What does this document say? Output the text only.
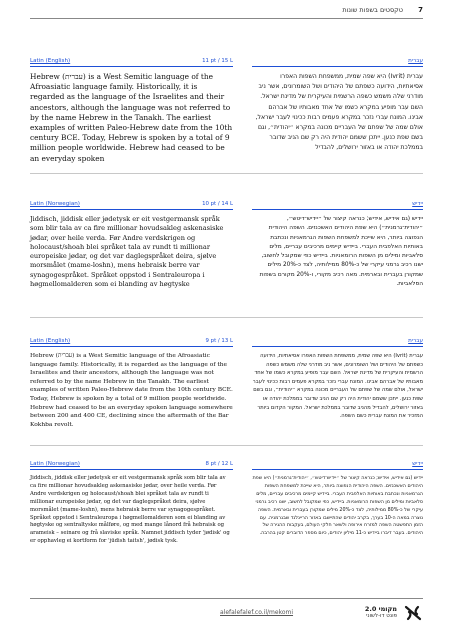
טקסטים בשפות שונות 7
Latin (English)	11 pt / 15 L
Hebrew (עברית) is a West Semitic language of the Afroasiatic language family. Historically, it is regarded as the language of the Israelites and their ancestors, although the language was not referred to by the name Hebrew in the Tanakh. The earliest examples of written Paleo-Hebrew date from the 10th century BCE. Today, Hebrew is spoken by a total of 9 million people worldwide. Hebrew had ceased to be an everyday spoken
עברית
עברית (Ivrit) היא שפה שמית, ממשפחת השפות האפרו אסיאתיות, הידועה כשפתם של היהודים ושל השומרונים, אשר ניב מודרני שלה משמש כשפה הרשמית והעיקרית של מדינת ישראל. השם עבר מופיע במקרא כשמו של אחד מאבותיו של אברהם אבינו. המונח עברי נזכר במקרא פעמים רבות ככינוי לעבר ישראל, אולם שמה של שפתם של העבריים מכונה במקרא ״יהודית״, וגם בשם שפת כנען. ייתכן ששמם יהודית היה רק שם הניב שדובר בממלכת יהודה או באזור ירושלים, להבדיל
Latin (Norwegian)	10 pt / 14 L
Jiddisch, jiddisk eller jødetysk er eit vestgermansk språk som blir tala av ca fire millionar hovudsakleg askenasiske jødar, over heile verda. Før Andre verdskrigen og holocaust/shoah blei språket tala av rundt ti millionar europeiske jødar, og det var daglegspråket deira, sjølve morsmålet (mame-loshn), mens hebraisk berre var synagogespråket. Språket oppstod i Sentraleuropa i høgmellomalderen som ei blanding av høgtyske
יידיש
יידיש (גם אידיש, אידיש; כנראה קיצור של ״יידיש־דיטש״, ״יהודית־גרמנית״) היא שפת היהודים האשכנזים. השפה היהודית הנפוצה ביותר, היא שייכת למשפחת השפות הגרמאניות ונכתבת באותיות האלפבית העברי. ביידיש קיימים מרכיבים עבריים, מלים סלאביות ומילים מן השפות הרומאניות. ביידיש כפי שמקובל לחשוב, ישנו רכיב גרמני עיקרי של כ-80% ממילותיה, לצד כ-20% מילים שמקורן בעברית ובארמית. מאה רכיב מקורי, ו-20% מקורם בשפות הסלאביות.
Latin (English)	9 pt / 13 L
Hebrew (עברית) is a West Semitic language of the Afroasiatic language family. Historically, it is regarded as the language of the Israelites and their ancestors, although the language was not referred to by the name Hebrew in the Tanakh. The earliest examples of written Paleo-Hebrew date from the 10th century BCE. Today, Hebrew is spoken by a total of 9 million people worldwide. Hebrew had ceased to be an everyday spoken language somewhere between 200 and 400 CE, declining since the aftermath of the Bar Kokhba revolt.
עברית
עברית (Ivrit) היא שפה שמית, ממשפחת השפות האפרו אסיאתיות, הידועה כשפתם של היהודים ושל השומרונים, אשר ניב מודרני שלה משמש כשפה הרשמית והעיקרית של מדינת ישראל. השם עבר מופיע במקרא כשמו של אחד מאבותיו של אברהם אבינו. המונח עברי נזכר במקרא פעמים רבות ככינוי לעבר ישראל, אולם שמה של שפתם של העבריים מכונה במקרא ״יהודית״, וגם בשם שפת כנען. ייתכן ששמם יהודית היה רק שם הניב שדובר בממלכת יהודה או באזור ירושלים, להבדיל מהניב שדובר בממלכת ישראל. המקור הקדום ביותר המזכיר את המונח עברית כשם השפה.
Latin (Norwegian)	8 pt / 12 L
Jiddisch, jiddisk eller jødetysk er eit vestgermansk språk som blir tala av ca fire millionar hovudsakleg askenasiske jødar, over heile verda. Før Andre verdskrigen og holocaust/shoah blei språket tala av rundt ti millionar europeiske jødar, og det var daglegspråket deira, sjølve morsmålet (mame-loshn), mens hebraisk berre var synagogespråket. Språket oppstod i Sentraleuropa i høgmellomalderen som ei blanding av høgtyske og sentraltyske målføre, og med mange lånord frå hebraisk og arameisk – seinare og frå slaviske språk. Namnet jiddisch tyder 'jødisk' og er opphavleg ei kortform for 'jüdish taitsh', jødisk tysk.
יידיש
יידיש (גם אידיש, אידיש; כנראה קיצור של ״יידיש־דיטש״, ״יהודית־גרמנית״) היא שפת היהודים האשכנזים. השפה היהודית הנפוצה ביותר, היא שייכת למשפחת השפות הגרמאניות ונכתבת באותיות האלפבית העברי. ביידיש קיימים מרכיבים עבריים, מלים סלאביות ומילים מן השפות הרומאניות. ביידיש, כפי שמקובל לחשוב, ישנו רכיב גרמני עיקרי של כ-80% ממילותיה, לצד כ-20% מילים שמקורן בעברית ובארמית. השפה נוצרה במאה ה-10 בערך, בקרב יהודים שהתיישבו באזור הריינלנד שבגרמניה. עם הזמן התפשטה השפה למזרח אירופה ולשאר חלקי העולם, בעקבות ההגירה של היהודים. בעבר דיברו ביידיש כ-11 מיליון יהודים, כיום מספר הדוברים קטן בהרבה.
alefalefalef.co.il/mekomi	מקומי 2.0
פונט דו-לשוני
